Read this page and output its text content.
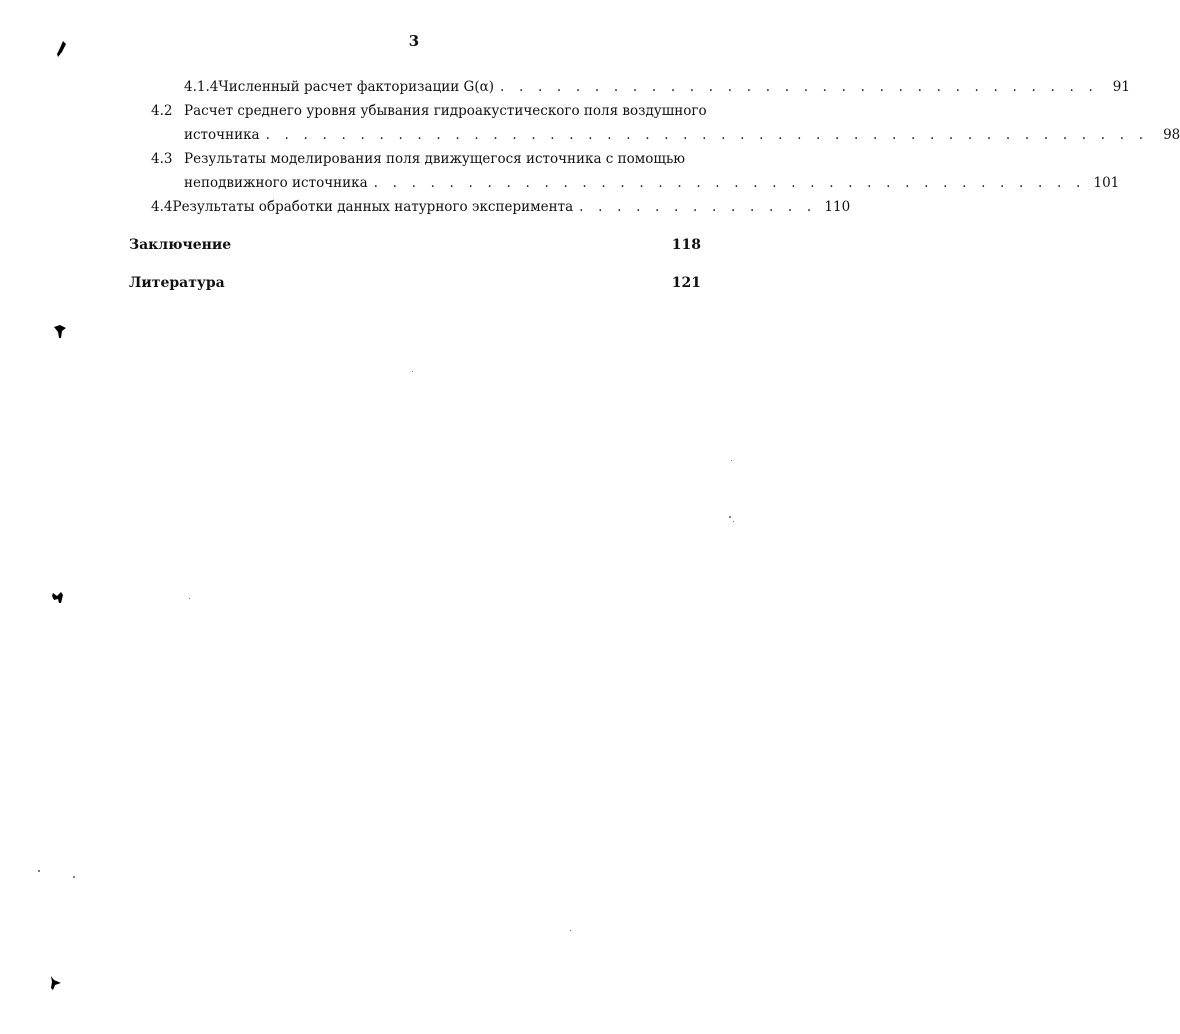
3
4.1.4 Численный расчет факторизации G(α) . . . . . . . . . . . . . . . . . . . . . . . . . . . . . . . .	91
4.2 Расчет среднего уровня убывания гидроакустического поля воздушного
источника . . . . . . . . . . . . . . . . . . . . . . . . . . . . . . . . . . . . . . . . . . . . . . .	98
4.3 Результаты моделирования поля движущегося источника с помощью
неподвижного источника . . . . . . . . . . . . . . . . . . . . . . . . . . . . . . . . . . . . . . 101
4.4 Результаты обработки данных натурного эксперимента . . . . . . . . . . . . . 110
Заключение	118
Литература	121
